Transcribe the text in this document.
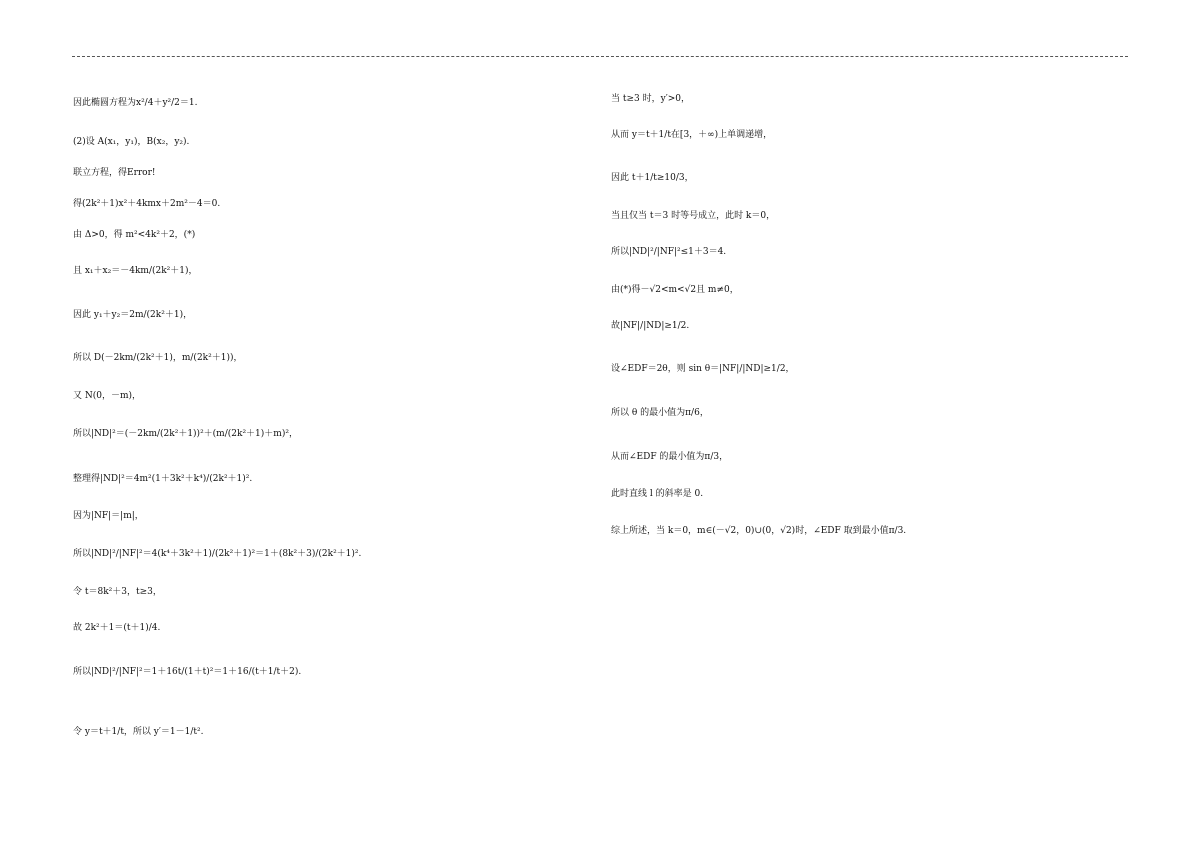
因此椭圆方程为x²/4＋y²/2＝1.
(2)设 A(x₁，y₁)，B(x₂，y₂).
联立方程，得Error!
得(2k²＋1)x²＋4kmx＋2m²－4＝0.
由 Δ>0，得 m²<4k²＋2，(*)
且 x₁＋x₂＝－4km/(2k²＋1)，
因此 y₁＋y₂＝2m/(2k²＋1)，
所以 D(－2km/(2k²＋1)，m/(2k²＋1))，
又 N(0，－m)，
所以|ND|²＝(－2km/(2k²＋1))²＋(m/(2k²＋1)＋m)²，
整理得|ND|²＝4m²(1＋3k²＋k⁴)/(2k²＋1)².
因为|NF|＝|m|，
所以|ND|²/|NF|²＝4(k⁴＋3k²＋1)/(2k²＋1)²＝1＋(8k²＋3)/(2k²＋1)².
令 t＝8k²＋3，t≥3，
故 2k²＋1＝(t＋1)/4.
所以|ND|²/|NF|²＝1＋16t/(1＋t)²＝1＋16/(t＋1/t＋2).
令 y＝t＋1/t，所以 y′＝1－1/t².
当 t≥3 时，y′>0，
从而 y＝t＋1/t在[3，＋∞)上单调递增，
因此 t＋1/t≥10/3，
当且仅当 t＝3 时等号成立，此时 k＝0，
所以|ND|²/|NF|²≤1＋3＝4.
由(*)得－√2<m<√2且 m≠0，
故|NF|/|ND|≥1/2.
设∠EDF＝2θ，则 sin θ＝|NF|/|ND|≥1/2，
所以 θ 的最小值为π/6，
从而∠EDF 的最小值为π/3，
此时直线 l 的斜率是 0.
综上所述，当 k＝0，m∈(－√2，0)∪(0，√2)时，∠EDF 取到最小值π/3.
